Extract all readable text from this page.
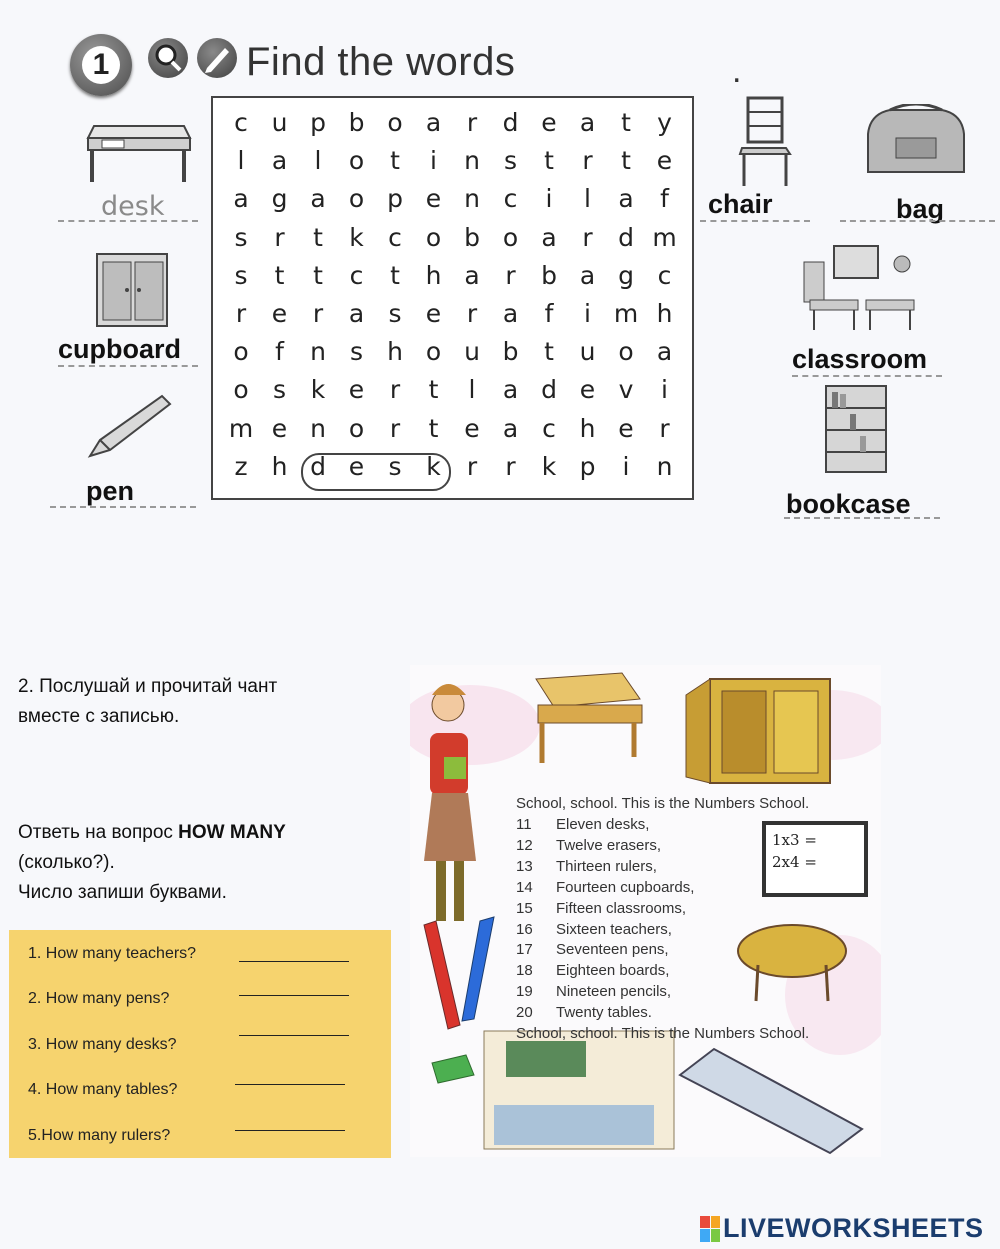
1	Find the words	.
desk
cupboard
pen
c u p b o a	r	d e a	t	y
l	a	l	o	t	i	n s	t	r	t	e
a g a o p e n c	i	l	a	f
s	r	t	k c o b o a	r	d m
s	t	t	c	t	h a	r	b a g c
r	e	r	a s e	r	a	f	i m h
o	f	n s h o u b	t	u o a
o s k e	r	t	l	a d e v	i
m e n o	r	t	e a c h e	r
z h d e s k	r	r	k p	i	n
chair	bag
classroom
bookcase
2. Послушай и прочитай чант
вместе с записью.
Ответь на вопрос HOW MANY
(сколько?).
Число запиши буквами.
1. How many teachers?
2. How many pens?
3. How many desks?
4. How many tables?
5.How many rulers?
1x3 =
2x4 =
School, school. This is the Numbers School.
11 Eleven desks,
12 Twelve erasers,
13 Thirteen rulers,
14 Fourteen cupboards,
15 Fifteen classrooms,
16 Sixteen teachers,
17 Seventeen pens,
18 Eighteen boards,
19 Nineteen pencils,
20 Twenty tables.
School, school. This is the Numbers School.
LIVEWORKSHEETS
